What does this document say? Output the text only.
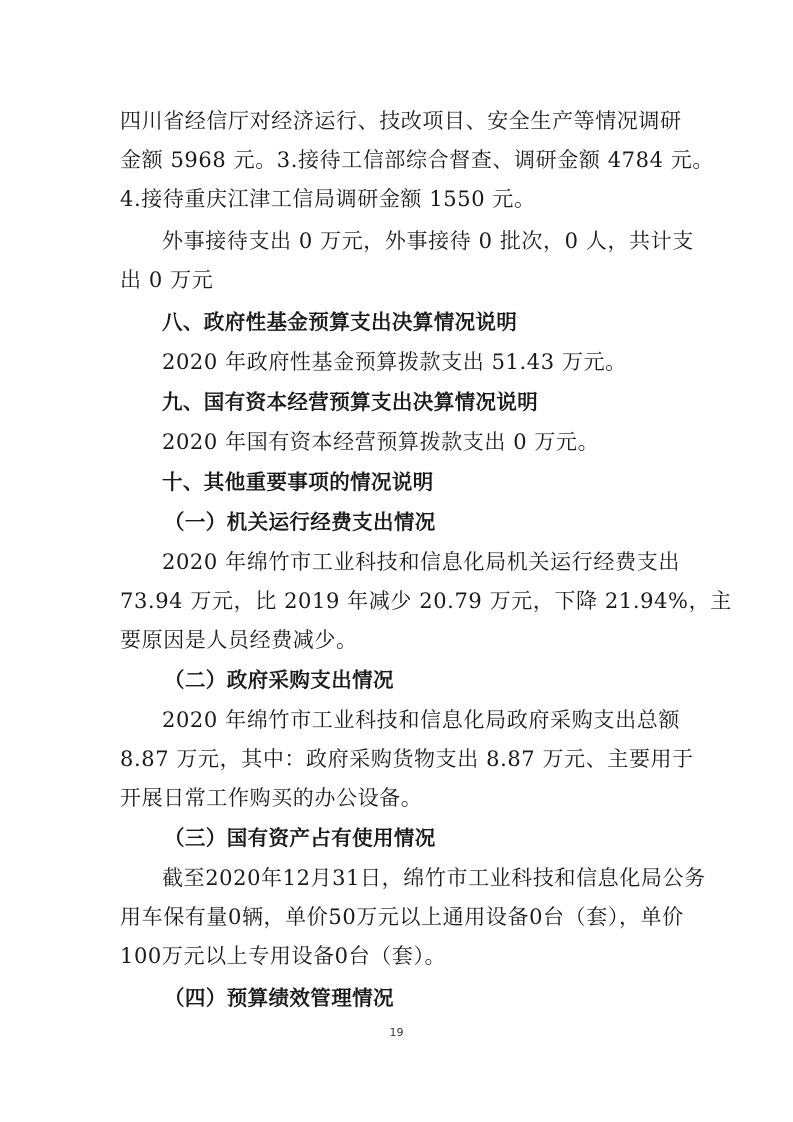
四川省经信厅对经济运行、技改项目、安全生产等情况调研

金额 5968 元。3.接待工信部综合督查、调研金额 4784 元。

4.接待重庆江津工信局调研金额 1550 元。

外事接待支出 0 万元，外事接待 0 批次，0 人，共计支

出 0 万元

八、政府性基金预算支出决算情况说明

2020 年政府性基金预算拨款支出 51.43 万元。

九、国有资本经营预算支出决算情况说明

2020 年国有资本经营预算拨款支出 0 万元。

十、其他重要事项的情况说明

（一）机关运行经费支出情况

2020 年绵竹市工业科技和信息化局机关运行经费支出

73.94 万元，比 2019 年减少 20.79 万元，下降 21.94%，主

要原因是人员经费减少。

（二）政府采购支出情况

2020 年绵竹市工业科技和信息化局政府采购支出总额

8.87 万元，其中：政府采购货物支出 8.87 万元、主要用于

开展日常工作购买的办公设备。

（三）国有资产占有使用情况

截至2020年12月31日，绵竹市工业科技和信息化局公务

用车保有量0辆，单价50万元以上通用设备0台（套），单价

100万元以上专用设备0台（套）。

（四）预算绩效管理情况

19
